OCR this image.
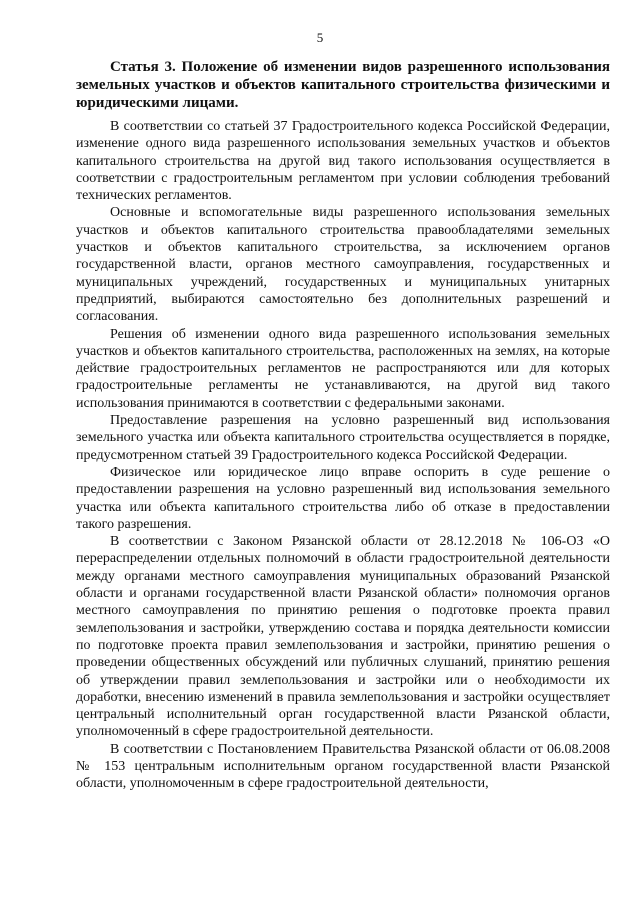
5

Статья 3. Положение об изменении видов разрешенного использования земельных участков и объектов капитального строительства физическими и юридическими лицами.

В соответствии со статьей 37 Градостроительного кодекса Российской Федерации, изменение одного вида разрешенного использования земельных участков и объектов капитального строительства на другой вид такого использования осуществляется в соответствии с градостроительным регламентом при условии соблюдения требований технических регламентов.

Основные и вспомогательные виды разрешенного использования земельных участков и объектов капитального строительства правообладателями земельных участков и объектов капитального строительства, за исключением органов государственной власти, органов местного самоуправления, государственных и муниципальных учреждений, государственных и муниципальных унитарных предприятий, выбираются самостоятельно без дополнительных разрешений и согласования.

Решения об изменении одного вида разрешенного использования земельных участков и объектов капитального строительства, расположенных на землях, на которые действие градостроительных регламентов не распространяются или для которых градостроительные регламенты не устанавливаются, на другой вид такого использования принимаются в соответствии с федеральными законами.

Предоставление разрешения на условно разрешенный вид использования земельного участка или объекта капитального строительства осуществляется в порядке, предусмотренном статьей 39 Градостроительного кодекса Российской Федерации.

Физическое или юридическое лицо вправе оспорить в суде решение о предоставлении разрешения на условно разрешенный вид использования земельного участка или объекта капитального строительства либо об отказе в предоставлении такого разрешения.

В соответствии с Законом Рязанской области от 28.12.2018 № 106-ОЗ «О перераспределении отдельных полномочий в области градостроительной деятельности между органами местного самоуправления муниципальных образований Рязанской области и органами государственной власти Рязанской области» полномочия органов местного самоуправления по принятию решения о подготовке проекта правил землепользования и застройки, утверждению состава и порядка деятельности комиссии по подготовке проекта правил землепользования и застройки, принятию решения о проведении общественных обсуждений или публичных слушаний, принятию решения об утверждении правил землепользования и застройки или о необходимости их доработки, внесению изменений в правила землепользования и застройки осуществляет центральный исполнительный орган государственной власти Рязанской области, уполномоченный в сфере градостроительной деятельности.

В соответствии с Постановлением Правительства Рязанской области от 06.08.2008 № 153 центральным исполнительным органом государственной власти Рязанской области, уполномоченным в сфере градостроительной деятельности,
